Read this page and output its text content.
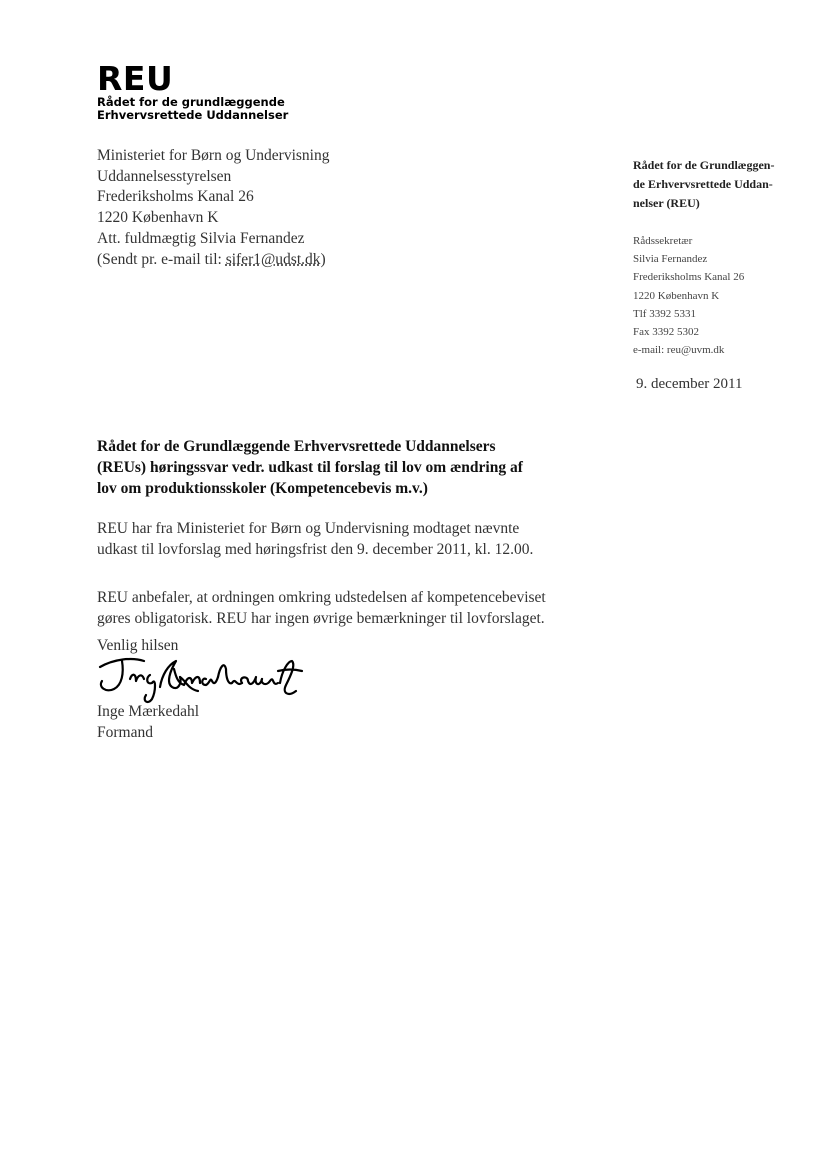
REU
Rådet for de grundlæggende
Erhvervsrettede Uddannelser
Ministeriet for Børn og Undervisning
Uddannelsesstyrelsen
Frederiksholms Kanal 26
1220 København K
Att. fuldmægtig Silvia Fernandez
(Sendt pr. e-mail til: sifer1@udst.dk)
Rådet for de Grundlæggen-
de Erhvervsrettede Uddan-
nelser (REU)
Rådssekretær
Silvia Fernandez
Frederiksholms Kanal 26
1220 København K
Tlf 3392 5331
Fax 3392 5302
e-mail: reu@uvm.dk
9. december 2011
Rådet for de Grundlæggende Erhvervsrettede Uddannelsers
(REUs) høringssvar vedr. udkast til forslag til lov om ændring af
lov om produktionsskoler (Kompetencebevis m.v.)
REU har fra Ministeriet for Børn og Undervisning modtaget nævnte
udkast til lovforslag med høringsfrist den 9. december 2011, kl. 12.00.
REU anbefaler, at ordningen omkring udstedelsen af kompetencebeviset
gøres obligatorisk. REU har ingen øvrige bemærkninger til lovforslaget.
Venlig hilsen
Inge Mærkedahl
Formand
